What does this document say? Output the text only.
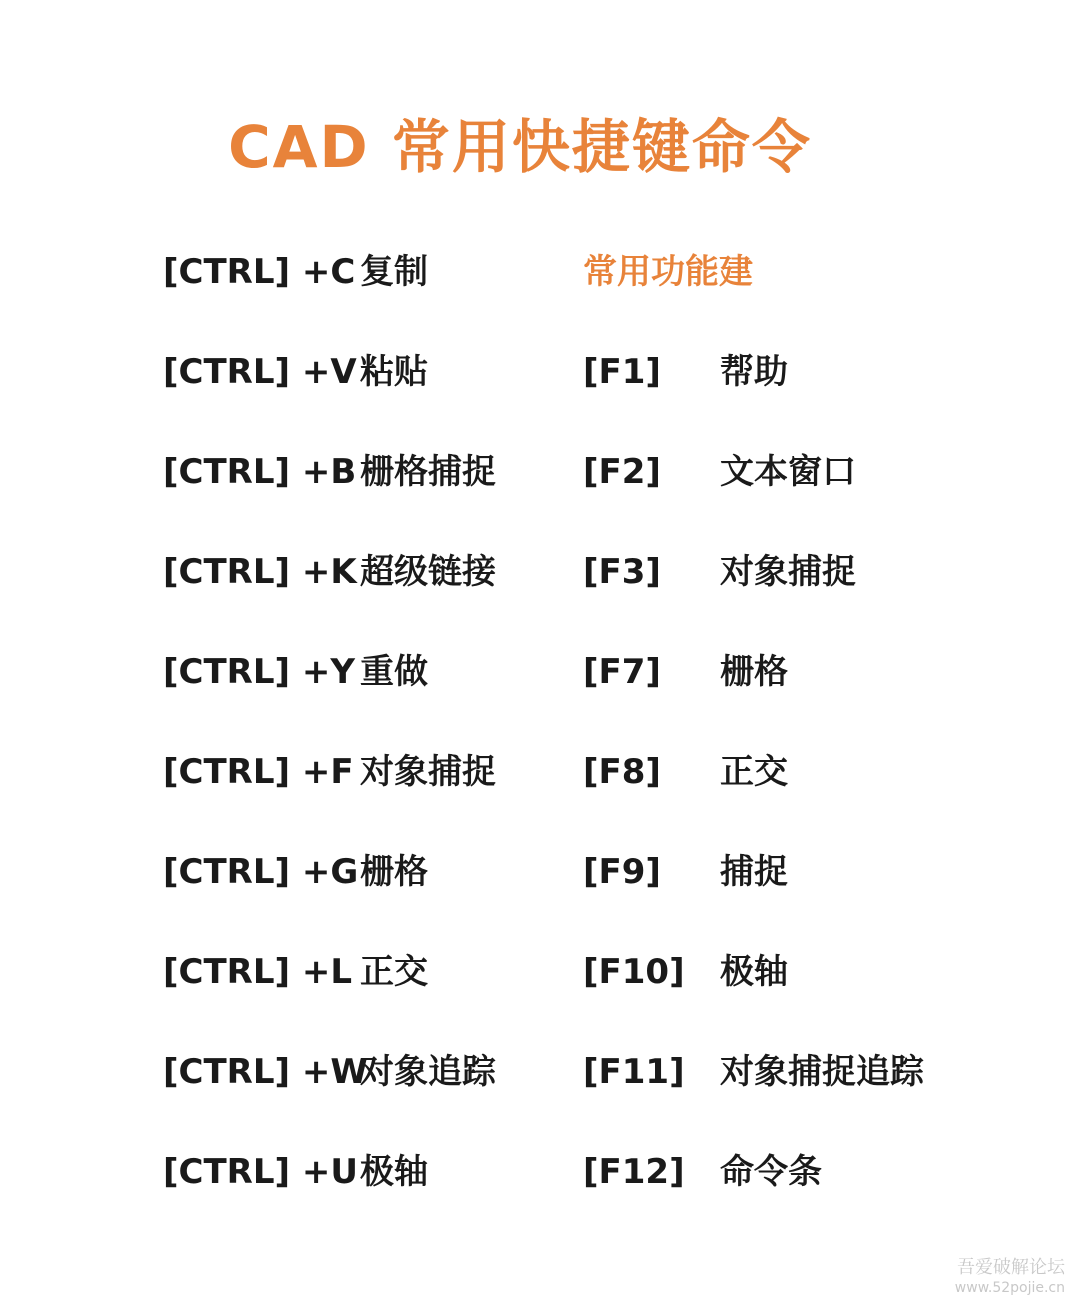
CAD 常用快捷键命令
[CTRL] +C 复制
[CTRL] +V 粘贴
[CTRL] +B 栅格捕捉
[CTRL] +K 超级链接
[CTRL] +Y 重做
[CTRL] +F 对象捕捉
[CTRL] +G 栅格
[CTRL] +L 正交
[CTRL] +W
对象追踪
[CTRL] +U 极轴
常用功能建
[F1] 帮助
[F2] 文本窗口
[F3] 对象捕捉
[F7] 栅格
[F8] 正交
[F9] 捕捉
[F10] 极轴
[F11] 对象捕捉追踪
[F12] 命令条
吾爱破解论坛
www.52pojie.cn
